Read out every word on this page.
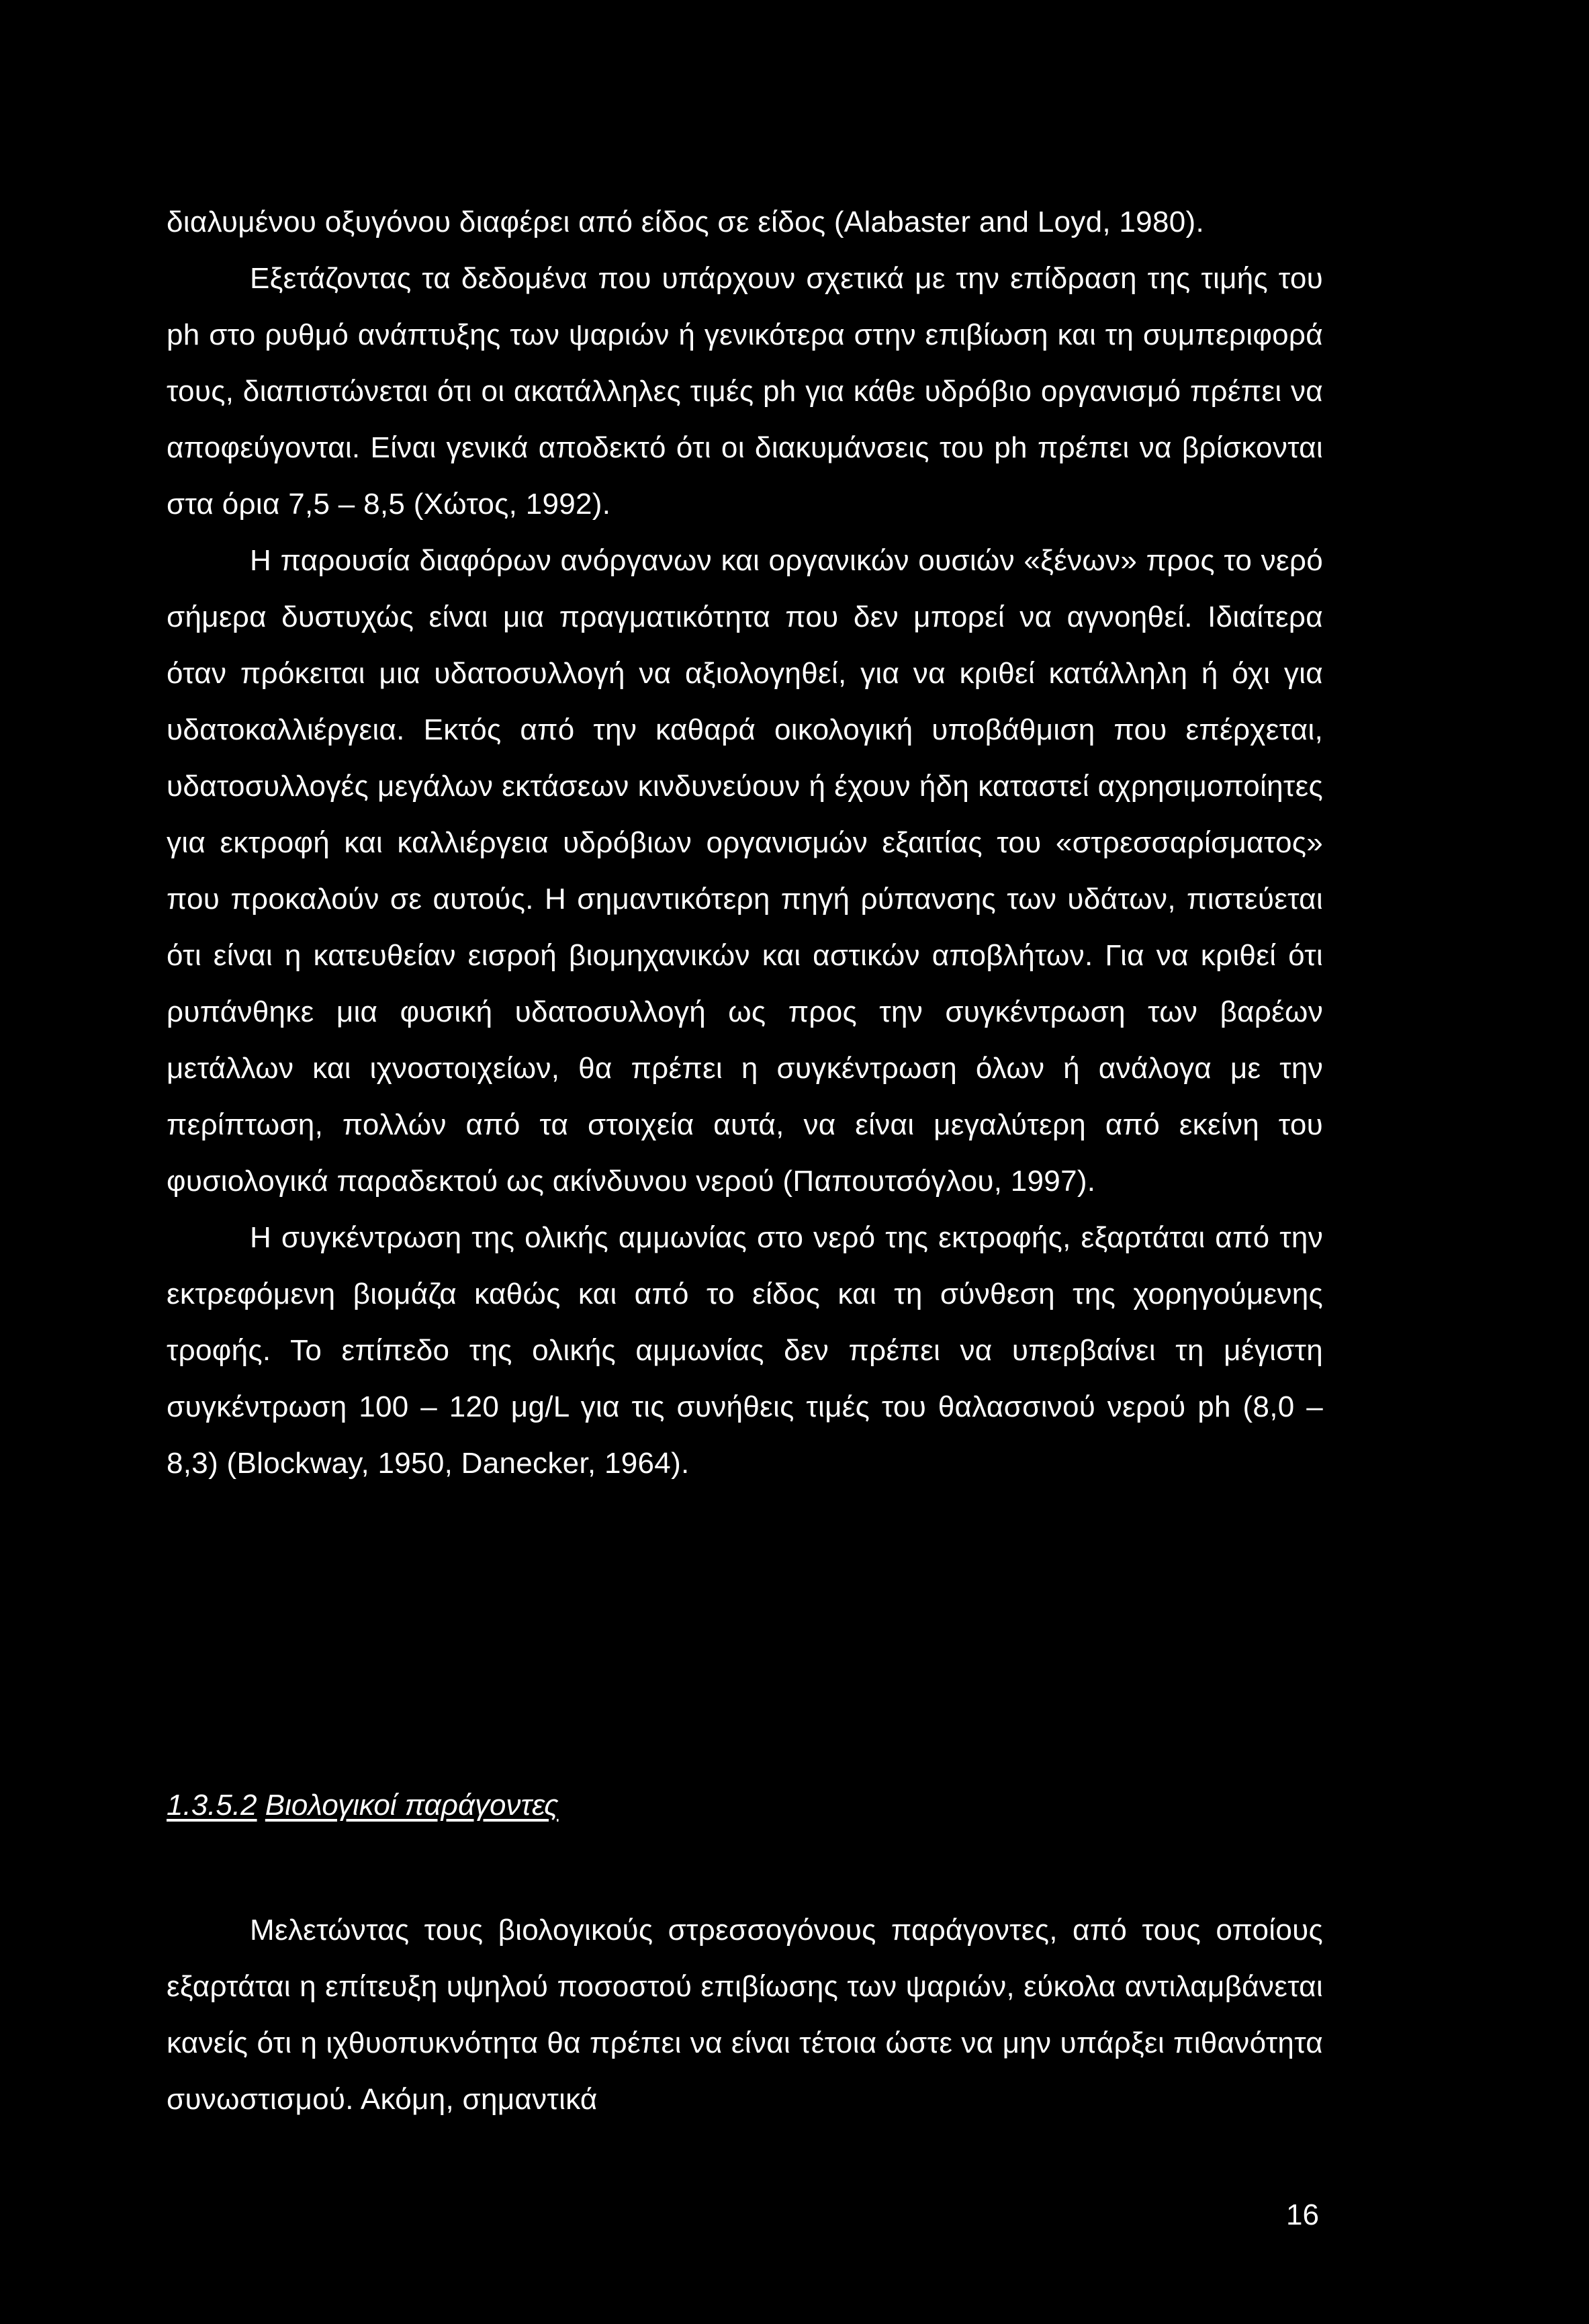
διαλυμένου οξυγόνου διαφέρει από είδος σε είδος (Alabaster and Loyd, 1980).

Εξετάζοντας τα δεδομένα που υπάρχουν σχετικά με την επίδραση της τιμής του ph στο ρυθμό ανάπτυξης των ψαριών ή γενικότερα στην επιβίωση και τη συμπεριφορά τους, διαπιστώνεται ότι οι ακατάλληλες τιμές ph για κάθε υδρόβιο οργανισμό πρέπει να αποφεύγονται. Είναι γενικά αποδεκτό ότι οι διακυμάνσεις του ph πρέπει να βρίσκονται στα όρια 7,5 – 8,5 (Χώτος, 1992).

Η παρουσία διαφόρων ανόργανων και οργανικών ουσιών «ξένων» προς το νερό σήμερα δυστυχώς είναι μια πραγματικότητα που δεν μπορεί να αγνοηθεί. Ιδιαίτερα όταν πρόκειται μια υδατοσυλλογή να αξιολογηθεί, για να κριθεί κατάλληλη ή όχι για υδατοκαλλιέργεια. Εκτός από την καθαρά οικολογική υποβάθμιση που επέρχεται, υδατοσυλλογές μεγάλων εκτάσεων κινδυνεύουν ή έχουν ήδη καταστεί αχρησιμοποίητες για εκτροφή και καλλιέργεια υδρόβιων οργανισμών εξαιτίας του «στρεσσαρίσματος» που προκαλούν σε αυτούς. Η σημαντικότερη πηγή ρύπανσης των υδάτων, πιστεύεται ότι είναι η κατευθείαν εισροή βιομηχανικών και αστικών αποβλήτων. Για να κριθεί ότι ρυπάνθηκε μια φυσική υδατοσυλλογή ως προς την συγκέντρωση των βαρέων μετάλλων και ιχνοστοιχείων, θα πρέπει η συγκέντρωση όλων ή ανάλογα με την περίπτωση, πολλών από τα στοιχεία αυτά, να είναι μεγαλύτερη από εκείνη του φυσιολογικά παραδεκτού ως ακίνδυνου νερού (Παπουτσόγλου, 1997).

Η συγκέντρωση της ολικής αμμωνίας στο νερό της εκτροφής, εξαρτάται από την εκτρεφόμενη βιομάζα καθώς και από το είδος και τη σύνθεση της χορηγούμενης τροφής. Το επίπεδο της ολικής αμμωνίας δεν πρέπει να υπερβαίνει τη μέγιστη συγκέντρωση 100 – 120 μg/L για τις συνήθεις τιμές του θαλασσινού νερού ph (8,0 – 8,3) (Blockway, 1950, Danecker, 1964).

1.3.5.2 Βιολογικοί παράγοντες

Μελετώντας τους βιολογικούς στρεσσογόνους παράγοντες, από τους οποίους εξαρτάται η επίτευξη υψηλού ποσοστού επιβίωσης των ψαριών, εύκολα αντιλαμβάνεται κανείς ότι η ιχθυοπυκνότητα θα πρέπει να είναι τέτοια ώστε να μην υπάρξει πιθανότητα συνωστισμού. Ακόμη, σημαντικά

16
